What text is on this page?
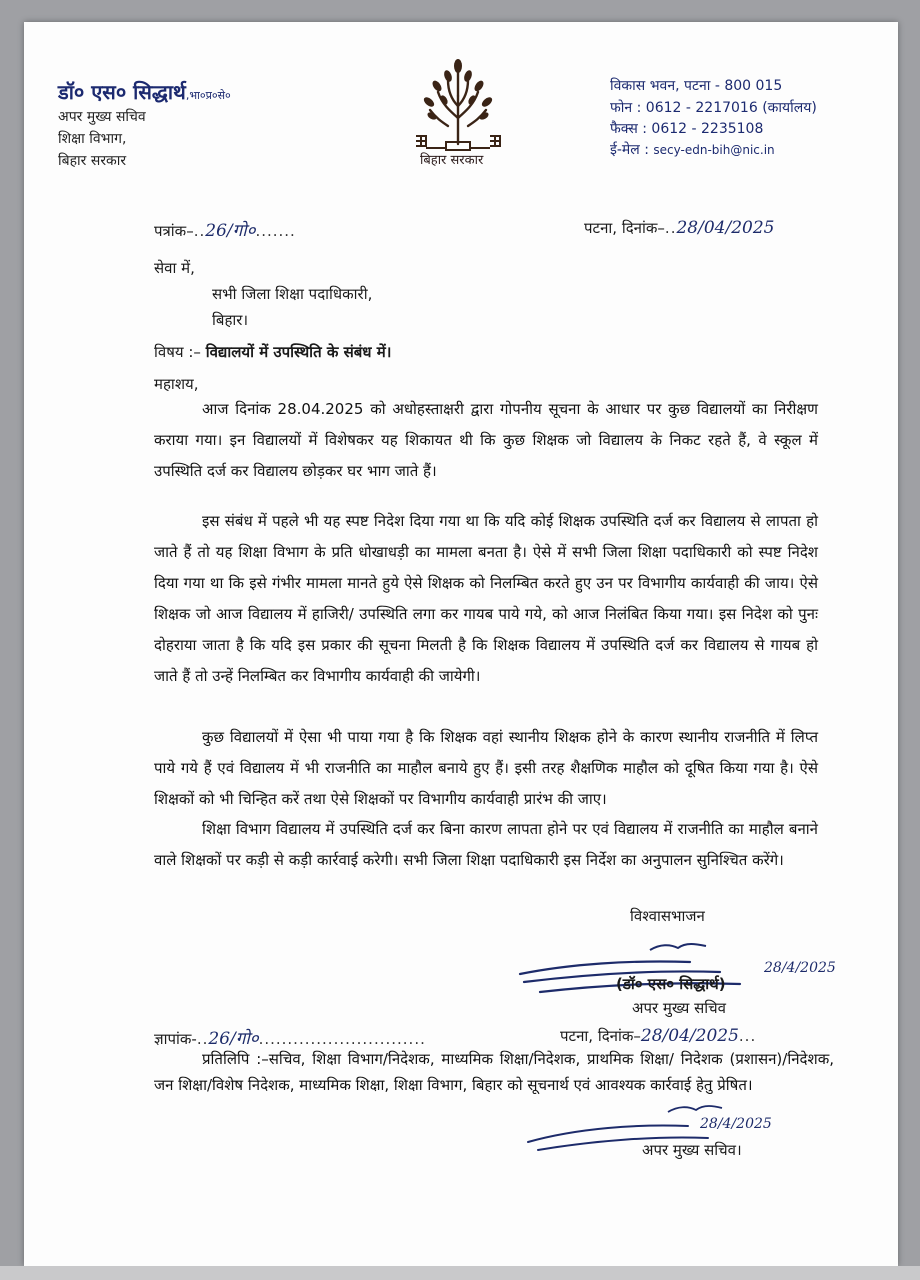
डॉ० एस० सिद्धार्थ,भा०प्र०से०
अपर मुख्य सचिव
शिक्षा विभाग,
बिहार सरकार	बिहार सरकार
विकास भवन, पटना - 800 015
फोन : 0612 - 2217016 (कार्यालय)
फैक्स : 0612 - 2235108
ई-मेल : secy-edn-bih@nic.in
पत्रांक–..26/गो०.......	पटना, दिनांक–..28/04/2025
सेवा में,
सभी जिला शिक्षा पदाधिकारी,
बिहार।
विषय :– विद्यालयों में उपस्थिति के संबंध में।
महाशय,
आज दिनांक 28.04.2025 को अधोहस्ताक्षरी द्वारा गोपनीय सूचना के आधार पर कुछ विद्यालयों का निरीक्षण कराया गया। इन विद्यालयों में विशेषकर यह शिकायत थी कि कुछ शिक्षक जो विद्यालय के निकट रहते हैं, वे स्कूल में उपस्थिति दर्ज कर विद्यालय छोड़कर घर भाग जाते हैं।
इस संबंध में पहले भी यह स्पष्ट निदेश दिया गया था कि यदि कोई शिक्षक उपस्थिति दर्ज कर विद्यालय से लापता हो जाते हैं तो यह शिक्षा विभाग के प्रति धोखाधड़ी का मामला बनता है। ऐसे में सभी जिला शिक्षा पदाधिकारी को स्पष्ट निदेश दिया गया था कि इसे गंभीर मामला मानते हुये ऐसे शिक्षक को निलम्बित करते हुए उन पर विभागीय कार्यवाही की जाय। ऐसे शिक्षक जो आज विद्यालय में हाजिरी/ उपस्थिति लगा कर गायब पाये गये, को आज निलंबित किया गया। इस निदेश को पुनः दोहराया जाता है कि यदि इस प्रकार की सूचना मिलती है कि शिक्षक विद्यालय में उपस्थिति दर्ज कर विद्यालय से गायब हो जाते हैं तो उन्हें निलम्बित कर विभागीय कार्यवाही की जायेगी।
कुछ विद्यालयों में ऐसा भी पाया गया है कि शिक्षक वहां स्थानीय शिक्षक होने के कारण स्थानीय राजनीति में लिप्त पाये गये हैं एवं विद्यालय में भी राजनीति का माहौल बनाये हुए हैं। इसी तरह शैक्षणिक माहौल को दूषित किया गया है। ऐसे शिक्षकों को भी चिन्हित करें तथा ऐसे शिक्षकों पर विभागीय कार्यवाही प्रारंभ की जाए।
शिक्षा विभाग विद्यालय में उपस्थिति दर्ज कर बिना कारण लापता होने पर एवं विद्यालय में राजनीति का माहौल बनाने वाले शिक्षकों पर कड़ी से कड़ी कार्रवाई करेगी। सभी जिला शिक्षा पदाधिकारी इस निर्देश का अनुपालन सुनिश्चित करेंगे।
विश्वासभाजन
28/4/2025
(डॉ० एस० सिद्धार्थ)
अपर मुख्य सचिव
ज्ञापांक-..26/गो०.............................	पटना, दिनांक–28/04/2025...
प्रतिलिपि :–सचिव, शिक्षा विभाग/निदेशक, माध्यमिक शिक्षा/निदेशक, प्राथमिक शिक्षा/ निदेशक (प्रशासन)/निदेशक, जन शिक्षा/विशेष निदेशक, माध्यमिक शिक्षा, शिक्षा विभाग, बिहार को सूचनार्थ एवं आवश्यक कार्रवाई हेतु प्रेषित।
28/4/2025
अपर मुख्य सचिव।
